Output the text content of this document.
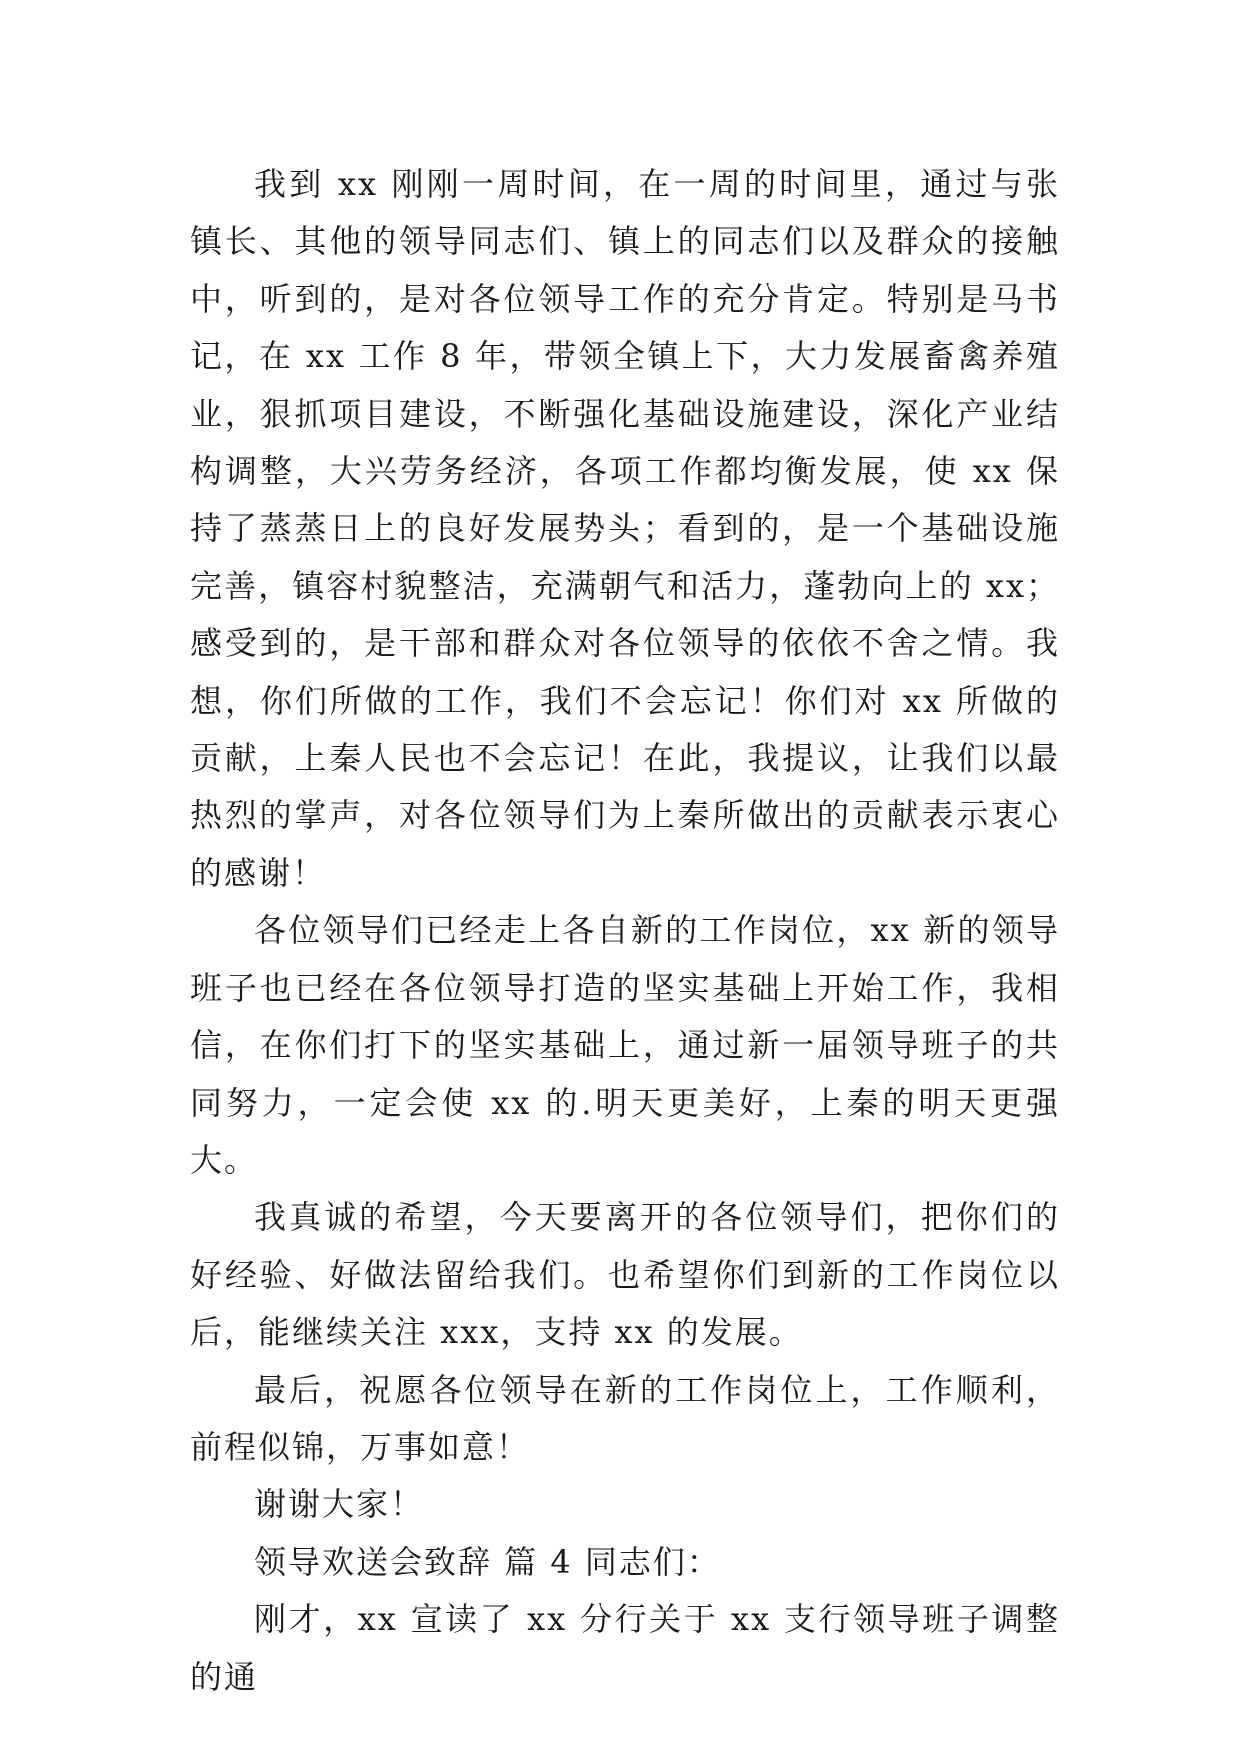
我到 xx 刚刚一周时间，在一周的时间里，通过与张镇长、其他的领导同志们、镇上的同志们以及群众的接触中，听到的，是对各位领导工作的充分肯定。特别是马书记，在 xx 工作 8 年，带领全镇上下，大力发展畜禽养殖业，狠抓项目建设，不断强化基础设施建设，深化产业结构调整，大兴劳务经济，各项工作都均衡发展，使 xx 保持了蒸蒸日上的良好发展势头；看到的，是一个基础设施完善，镇容村貌整洁，充满朝气和活力，蓬勃向上的 xx；感受到的，是干部和群众对各位领导的依依不舍之情。我想，你们所做的工作，我们不会忘记！你们对 xx 所做的贡献，上秦人民也不会忘记！在此，我提议，让我们以最热烈的掌声，对各位领导们为上秦所做出的贡献表示衷心的感谢！

各位领导们已经走上各自新的工作岗位，xx 新的领导班子也已经在各位领导打造的坚实基础上开始工作，我相信，在你们打下的坚实基础上，通过新一届领导班子的共同努力，一定会使 xx 的.明天更美好，上秦的明天更强大。

我真诚的希望，今天要离开的各位领导们，把你们的好经验、好做法留给我们。也希望你们到新的工作岗位以后，能继续关注 xxx，支持 xx 的发展。

最后，祝愿各位领导在新的工作岗位上，工作顺利，前程似锦，万事如意！

谢谢大家！

领导欢送会致辞 篇 4 同志们：

刚才，xx 宣读了 xx 分行关于 xx 支行领导班子调整的通
